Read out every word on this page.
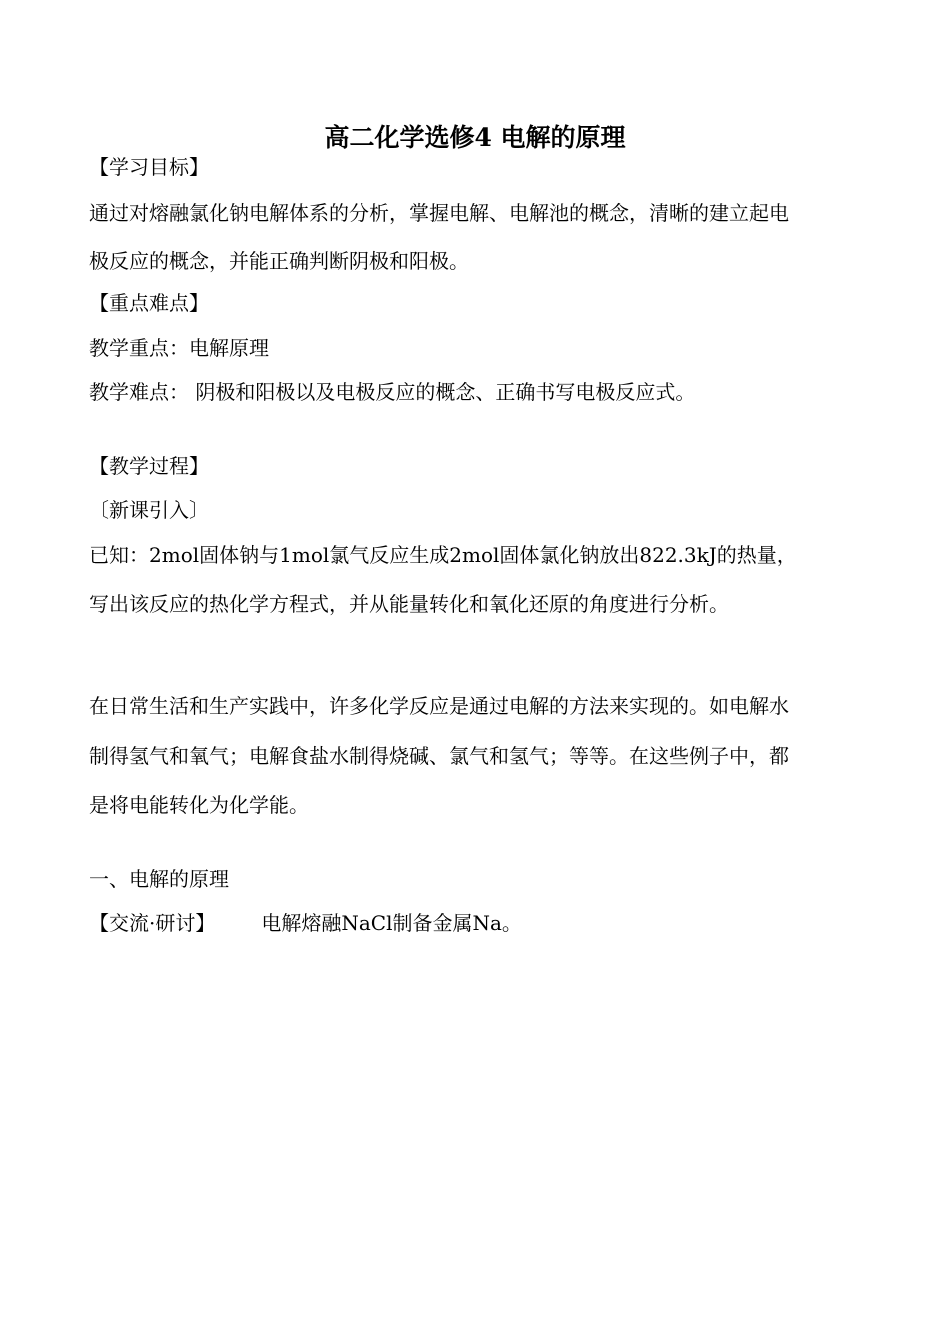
高二化学选修4 电解的原理
【学习目标】
通过对熔融氯化钠电解体系的分析，掌握电解、电解池的概念，清晰的建立起电
极反应的概念，并能正确判断阴极和阳极。
【重点难点】
教学重点：电解原理
教学难点： 阴极和阳极以及电极反应的概念、正确书写电极反应式。
【教学过程】
〔新课引入〕
已知：2mol固体钠与1mol氯气反应生成2mol固体氯化钠放出822.3kJ的热量，
写出该反应的热化学方程式，并从能量转化和氧化还原的角度进行分析。
在日常生活和生产实践中，许多化学反应是通过电解的方法来实现的。如电解水
制得氢气和氧气；电解食盐水制得烧碱、氯气和氢气；等等。在这些例子中，都
是将电能转化为化学能。
一、电解的原理
【交流·研讨】 电解熔融NaCl制备金属Na。
